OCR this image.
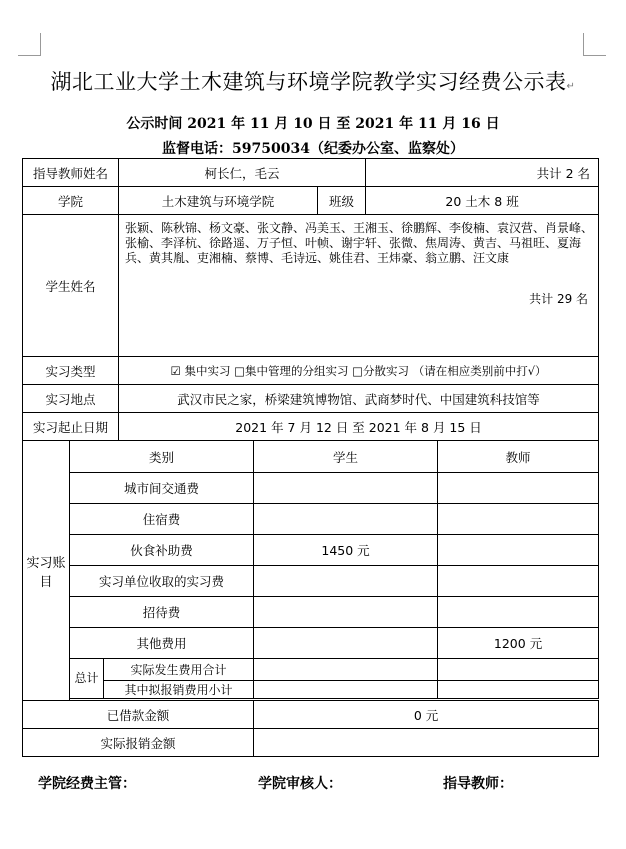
湖北工业大学土木建筑与环境学院教学实习经费公示表↵
公示时间 2021 年 11 月 10 日 至 2021 年 11 月 16 日
监督电话：59750034（纪委办公室、监察处）
指导教师姓名			柯长仁，毛云			共计 2 名	
学院			土木建筑与环境学院		班级	20 土木 8 班	
学生姓名			张颖、陈秋锦、杨文豪、张文静、冯美玉、王湘玉、徐鹏辉、李俊楠、袁汉营、肖景峰、张榆、李泽杭、徐路遥、万子恒、叶帧、谢宇轩、张微、焦周涛、黄吉、马祖旺、夏海兵、黄其胤、吏湘楠、蔡博、毛诗远、姚佳君、王炜豪、翁立鹏、汪文康
共计 29 名				

实习类型			☑ 集中实习 □集中管理的分组实习 □分散实习 （请在相应类别前中打√）				
实习地点			武汉市民之家，桥梁建筑博物馆、武商梦时代、中国建筑科技馆等				
实习起止日期			2021 年 7 月 12 日 至 2021 年 8 月 15 日				
实习账目	类别			学生			教师
	城市间交通费						
	住宿费						
	伙食补助费			1450 元			
	实习单位收取的实习费						
	招待费						
	其他费用						1200 元
	总计	实际发生费用合计					
		其中拟报销费用小计					

已借款金额				0 元			
实际报销金额							
学院经费主管：	学院审核人：	指导教师：
